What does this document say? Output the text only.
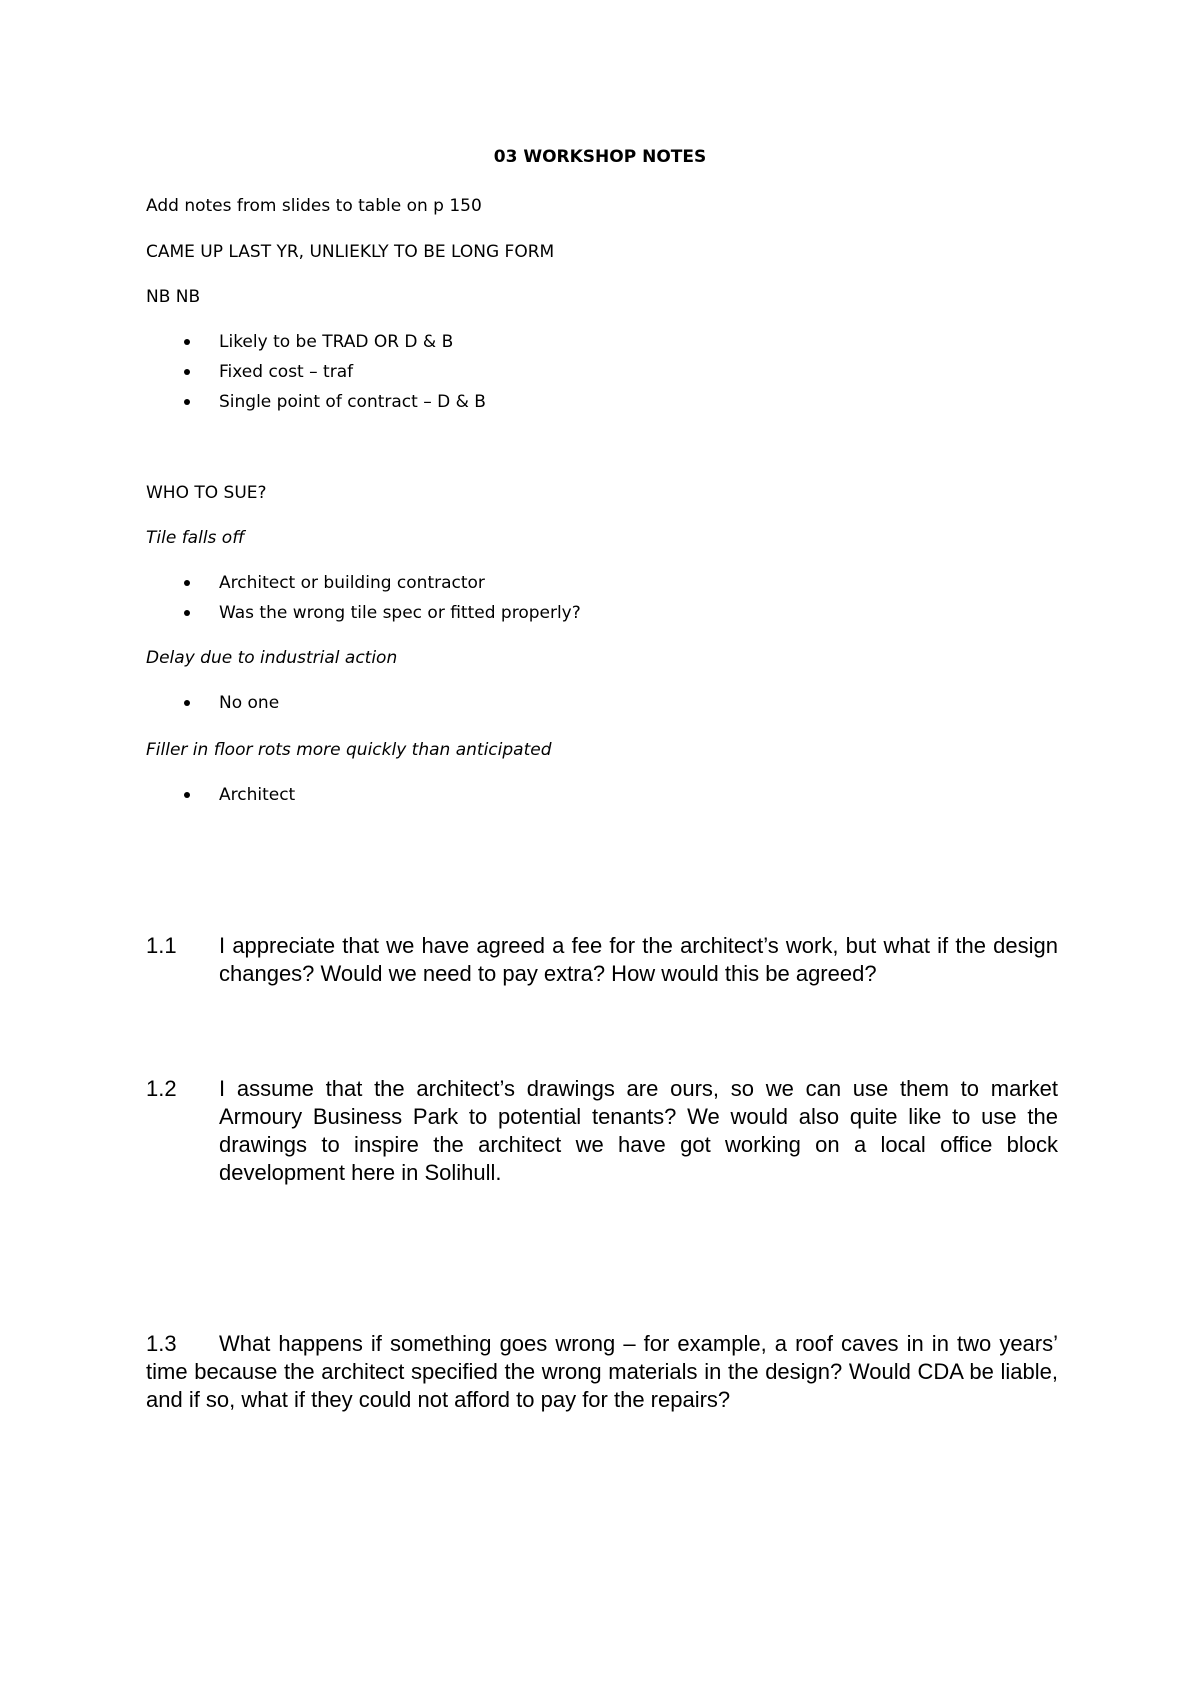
03 WORKSHOP NOTES
Add notes from slides to table on p 150
CAME UP LAST YR, UNLIEKLY TO BE LONG FORM
NB NB
Likely to be TRAD OR D & B
Fixed cost – traf
Single point of contract – D & B
WHO TO SUE?
Tile falls off
Architect or building contractor
Was the wrong tile spec or fitted properly?
Delay due to industrial action
No one
Filler in floor rots more quickly than anticipated
Architect
1.1 I appreciate that we have agreed a fee for the architect’s work, but what if the design changes? Would we need to pay extra? How would this be agreed?
1.2 I assume that the architect’s drawings are ours, so we can use them to market Armoury Business Park to potential tenants? We would also quite like to use the drawings to inspire the architect we have got working on a local office block development here in Solihull.
1.3	What happens if something goes wrong – for example, a roof caves in in two years’ time because the architect specified the wrong materials in the design? Would CDA be liable, and if so, what if they could not afford to pay for the repairs?
